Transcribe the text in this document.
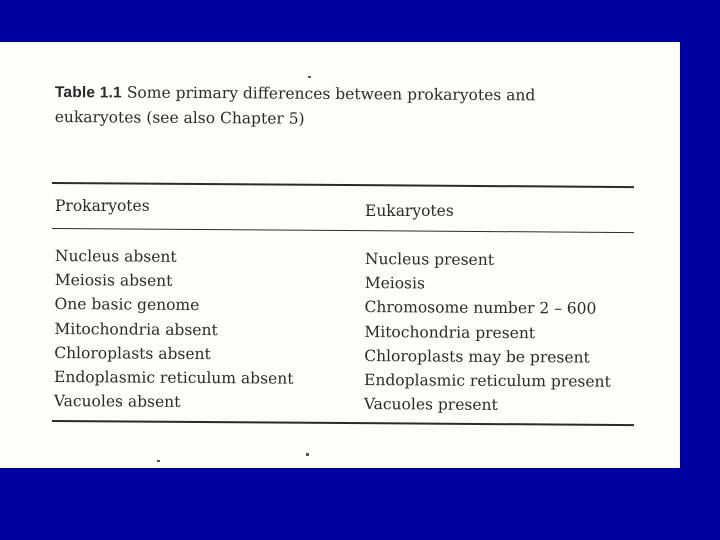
Table 1.1 Some primary differences between prokaryotes and
eukaryotes (see also Chapter 5)
Prokaryotes	Eukaryotes
Nucleus absent
Meiosis absent
One basic genome
Mitochondria absent
Chloroplasts absent
Endoplasmic reticulum absent
Vacuoles absent
Nucleus present
Meiosis
Chromosome number 2 – 600
Mitochondria present
Chloroplasts may be present
Endoplasmic reticulum present
Vacuoles present
